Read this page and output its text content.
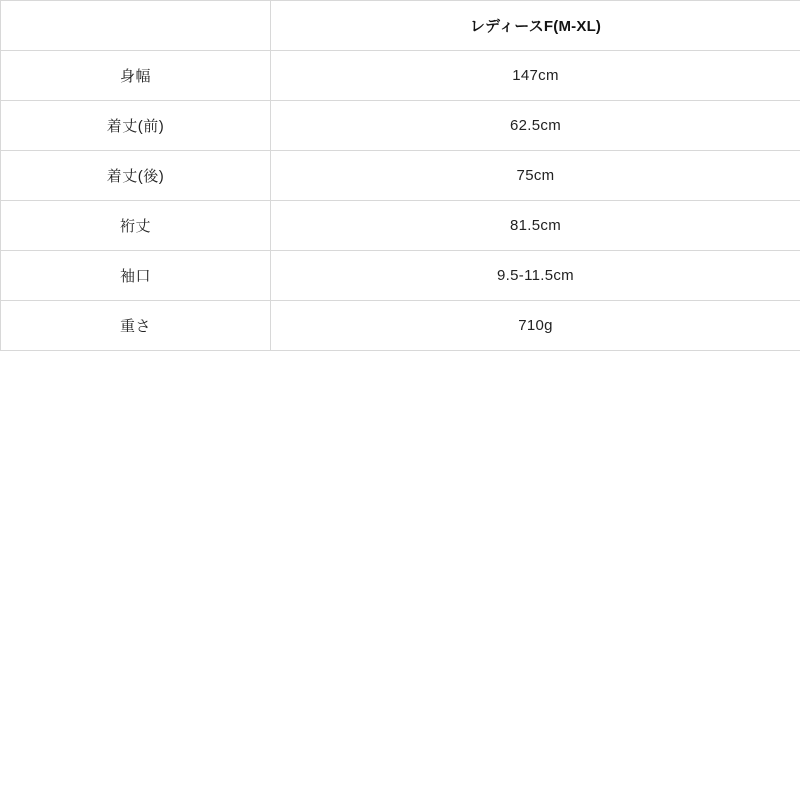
	レディースF(M-XL)
身幅	147cm
着丈(前)	62.5cm
着丈(後)	75cm
裄丈	81.5cm
袖口	9.5-11.5cm
重さ	710g
